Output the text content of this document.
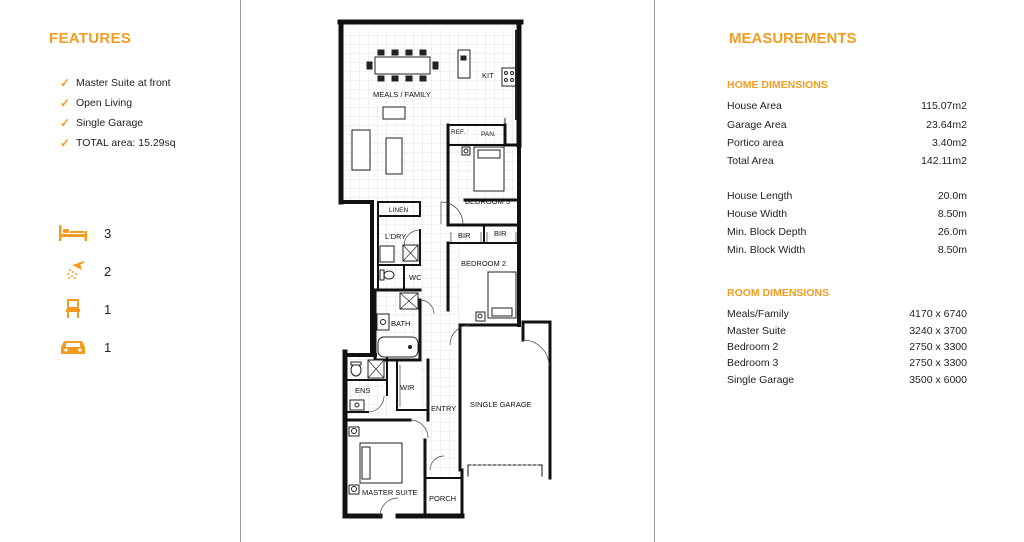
FEATURES
✓ Master Suite at front
✓ Open Living
✓ Single Garage
✓ TOTAL area: 15.29sq
3
2
1
1
MEALS / FAMILY
KIT
REF. PAN.
BEDROOM 3
LINEN
L'DRY	BIR	BIR
BEDROOM 2
WC
BATH
ENS	WIR
ENTRY SINGLE GARAGE
MASTER SUITE
PORCH
MEASUREMENTS
HOME DIMENSIONS
House Area	115.07m2
Garage Area	23.64m2
Portico area	3.40m2
Total Area	142.11m2
House Length	20.0m
House Width	8.50m
Min. Block Depth	26.0m
Min. Block Width	8.50m
ROOM DIMENSIONS
Meals/Family	4170 x 6740
Master Suite	3240 x 3700
Bedroom 2	2750 x 3300
Bedroom 3	2750 x 3300
Single Garage	3500 x 6000
